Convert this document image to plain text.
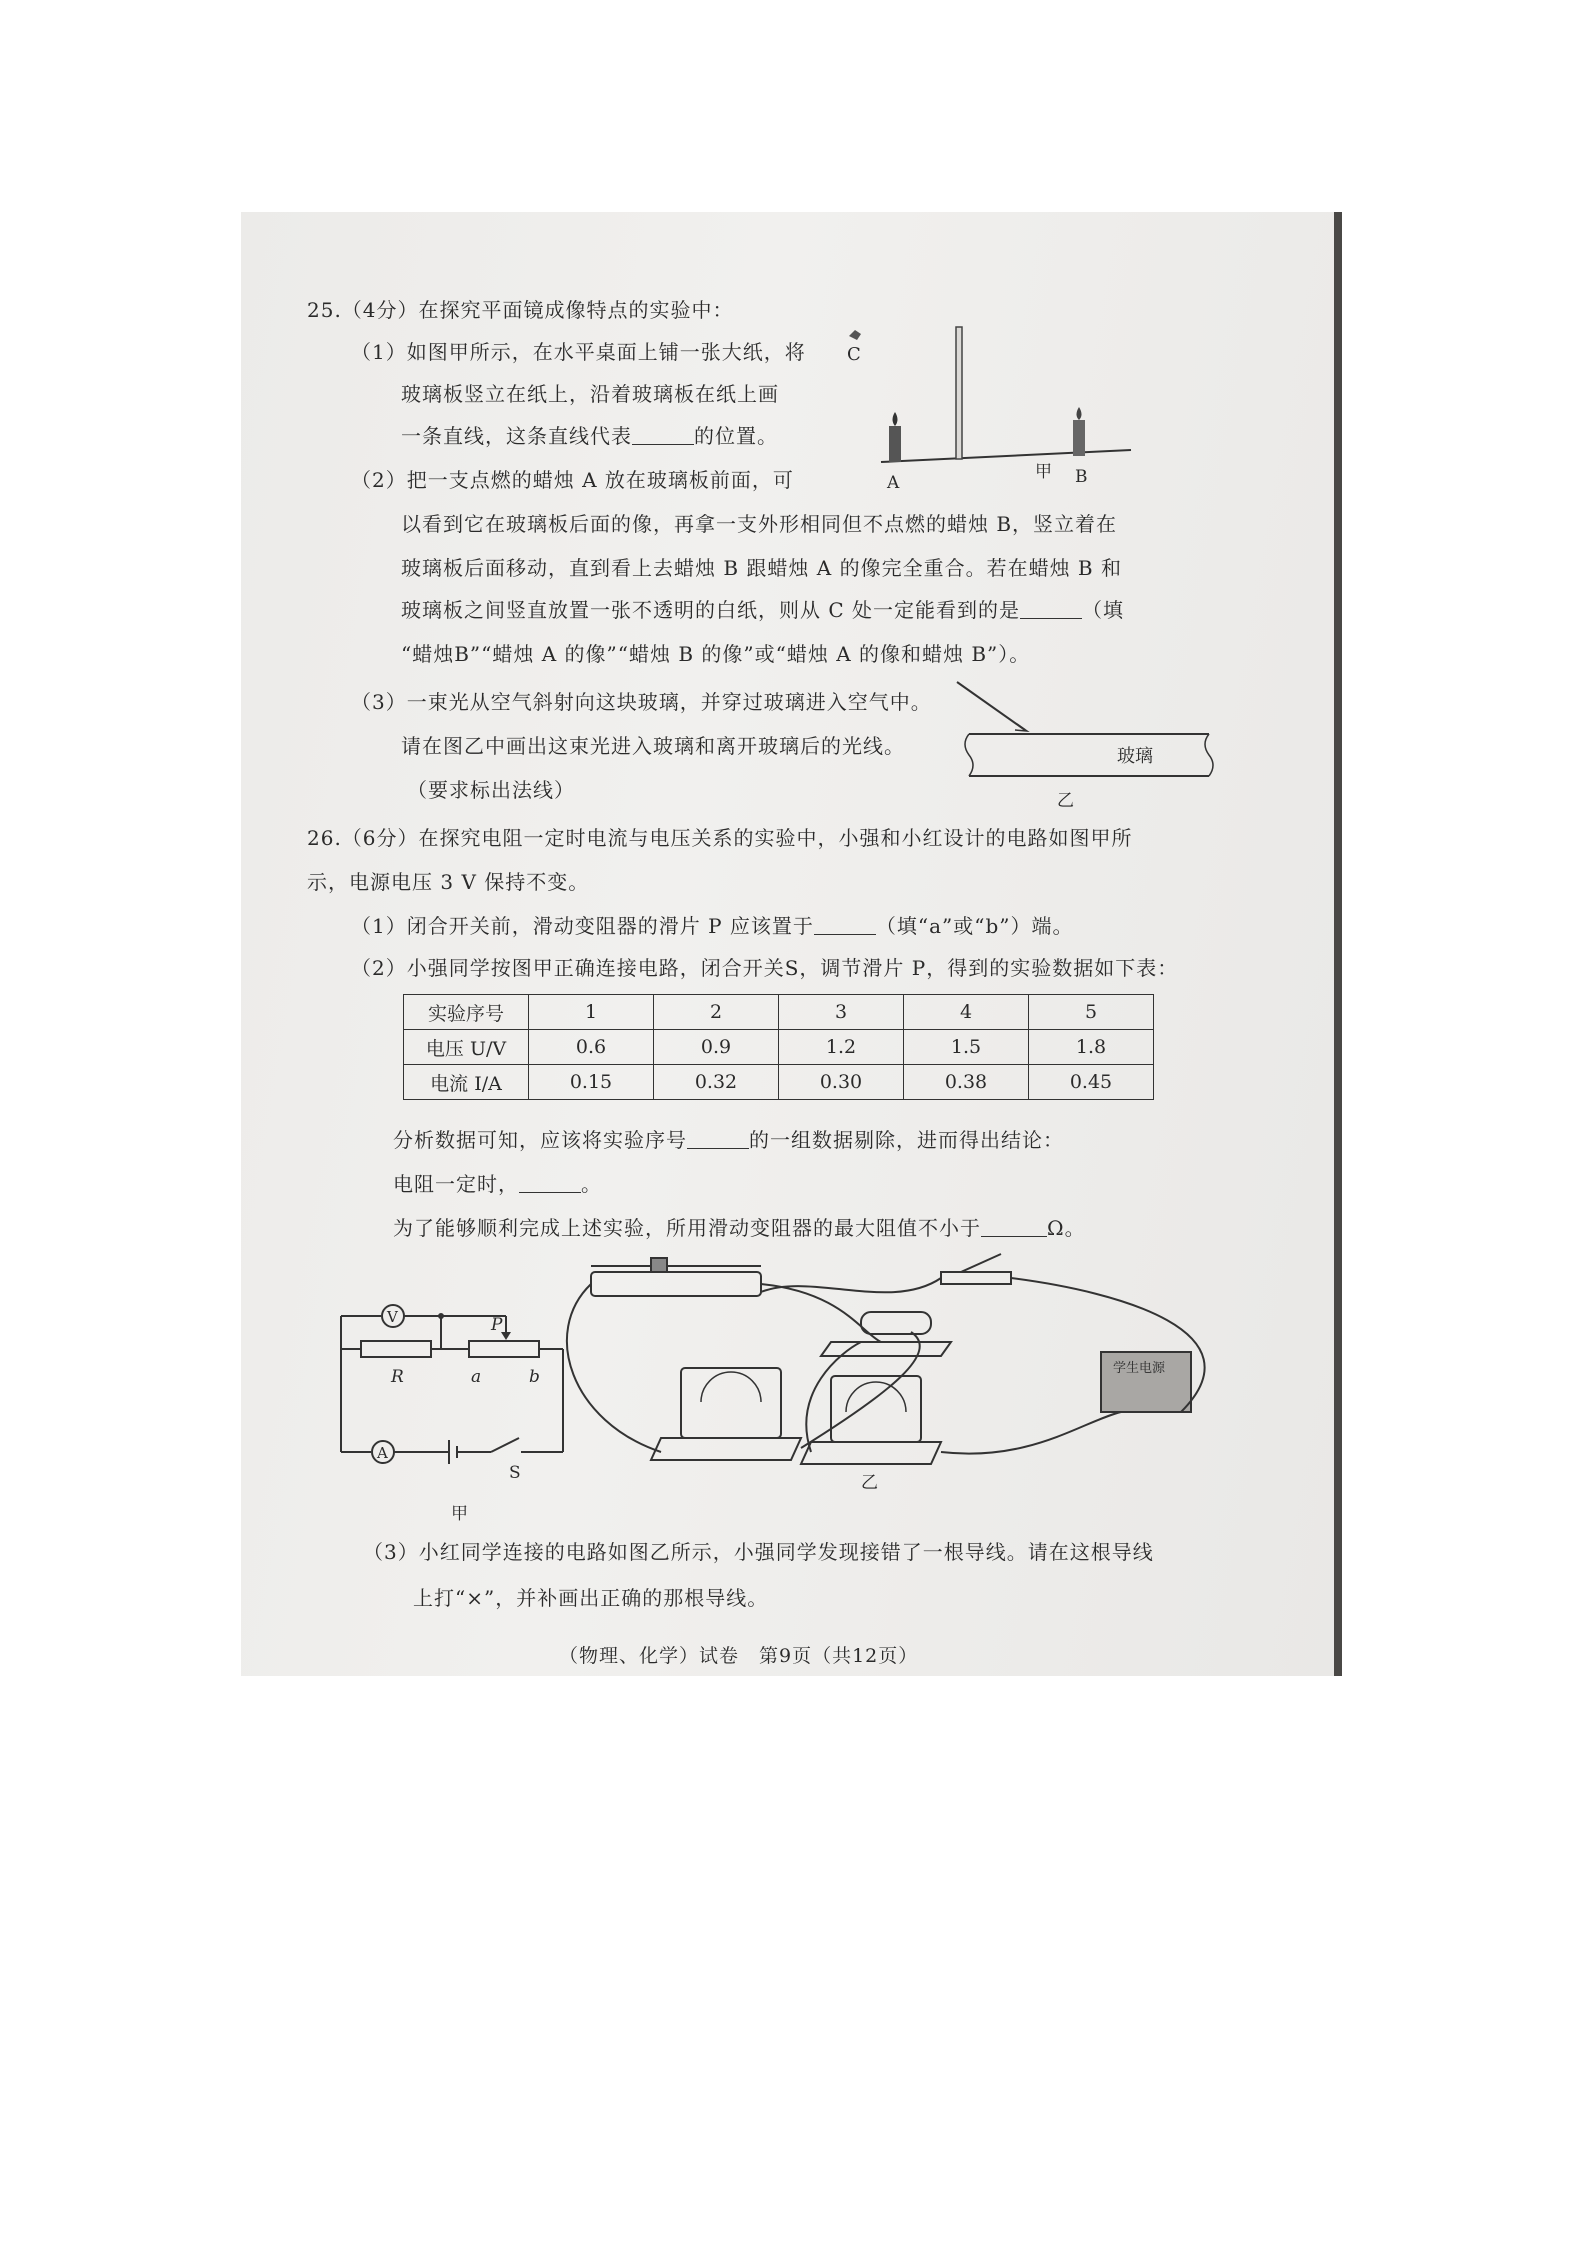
25.（4分）在探究平面镜成像特点的实验中：
（1）如图甲所示，在水平桌面上铺一张大纸，将
玻璃板竖立在纸上，沿着玻璃板在纸上画
一条直线，这条直线代表	的位置。
（2）把一支点燃的蜡烛 A 放在玻璃板前面，可
以看到它在玻璃板后面的像，再拿一支外形相同但不点燃的蜡烛 B，竖立着在
玻璃板后面移动，直到看上去蜡烛 B 跟蜡烛 A 的像完全重合。若在蜡烛 B 和
玻璃板之间竖直放置一张不透明的白纸，则从 C 处一定能看到的是	（填
“蜡烛B”“蜡烛 A 的像”“蜡烛 B 的像”或“蜡烛 A 的像和蜡烛 B”）。
（3）一束光从空气斜射向这块玻璃，并穿过玻璃进入空气中。
请在图乙中画出这束光进入玻璃和离开玻璃后的光线。
（要求标出法线）
C
A	B
甲
玻璃
乙
26.（6分）在探究电阻一定时电流与电压关系的实验中，小强和小红设计的电路如图甲所
示，电源电压 3 V 保持不变。
（1）闭合开关前，滑动变阻器的滑片 P 应该置于	（填“a”或“b”）端。
（2）小强同学按图甲正确连接电路，闭合开关S，调节滑片 P，得到的实验数据如下表：
实验序号	1	2	3	4	5
电压 U/V	0.6	0.9	1.2	1.5	1.8
电流 I/A	0.15	0.32	0.30	0.38	0.45
分析数据可知，应该将实验序号	的一组数据剔除，进而得出结论：
电阻一定时，	。
为了能够顺利完成上述实验，所用滑动变阻器的最大阻值不小于	Ω。
V
A
R
P
a	b
S
甲
学生电源
乙
（3）小红同学连接的电路如图乙所示，小强同学发现接错了一根导线。请在这根导线
上打“×”，并补画出正确的那根导线。
（物理、化学）试卷　第9页（共12页）
